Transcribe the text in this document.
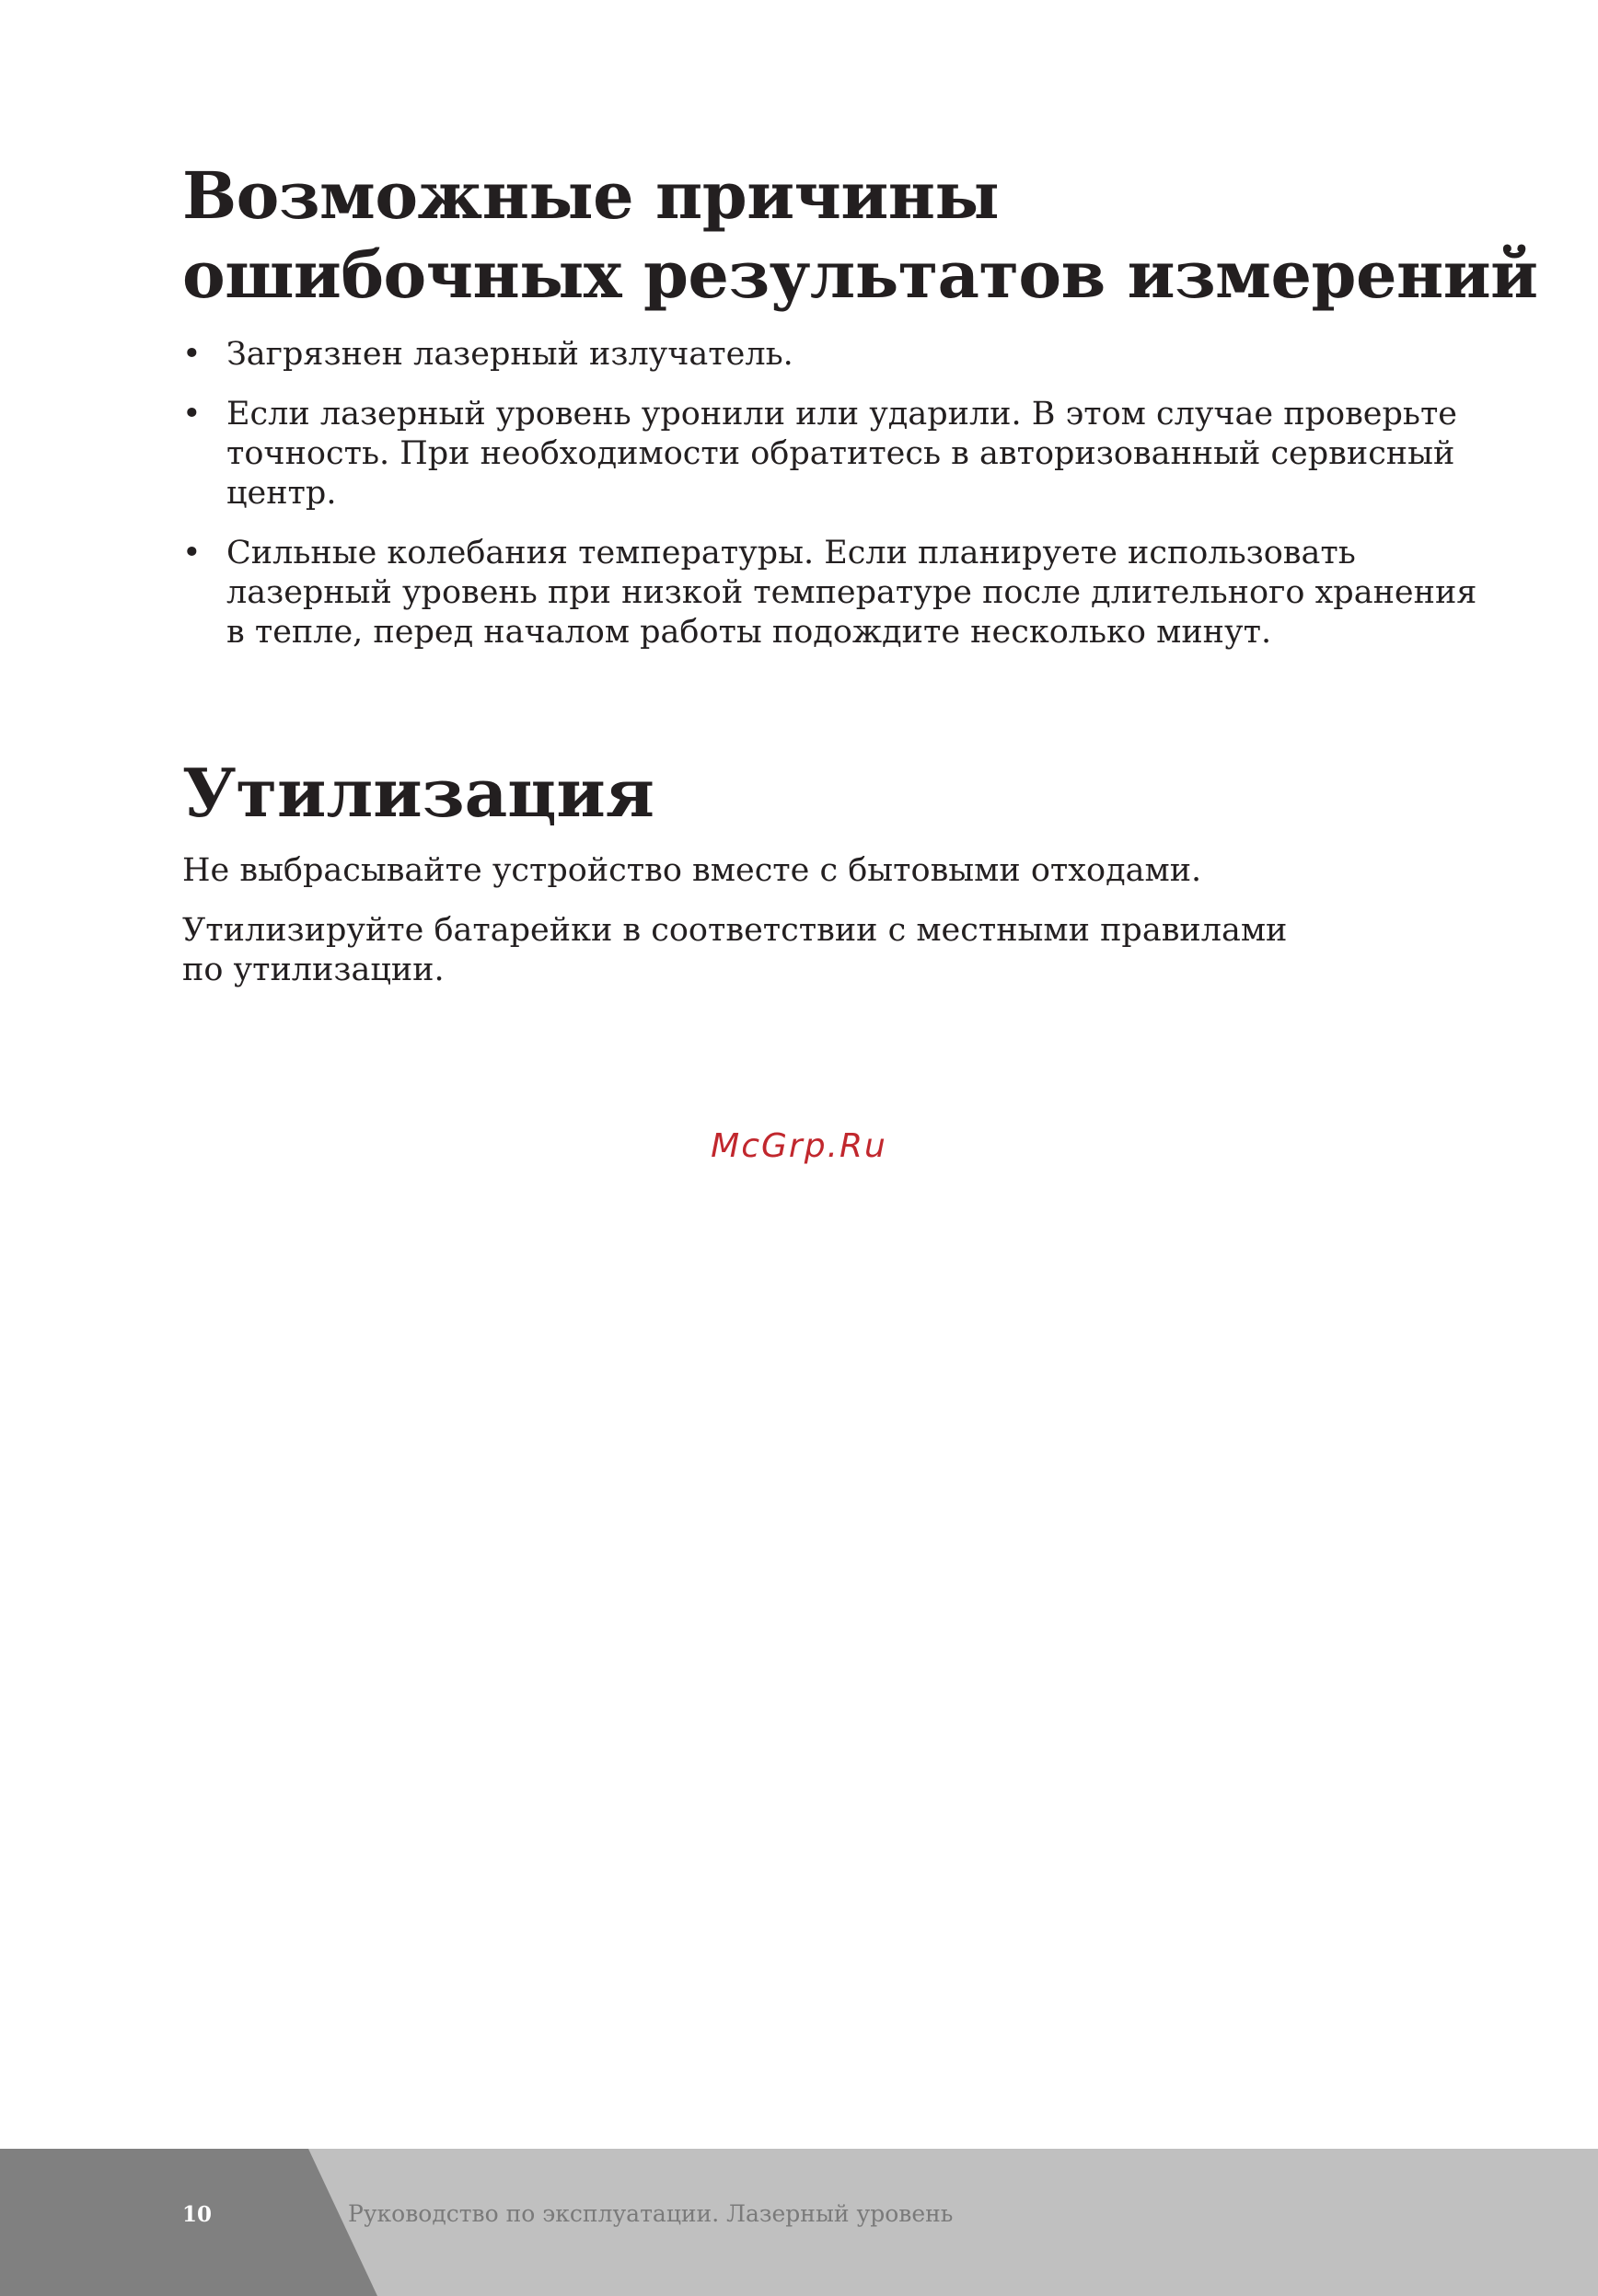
Возможные причины
ошибочных результатов измерений
• Загрязнен лазерный излучатель.
• Если лазерный уровень уронили или ударили. В этом случае проверьте точность. При необходимости обратитесь в авторизованный сервисный центр.
• Сильные колебания температуры. Если планируете использовать лазерный уровень при низкой температуре после длительного хранения в тепле, перед началом работы подождите несколько минут.
Утилизация

Не выбрасывайте устройство вместе с бытовыми отходами.

Утилизируйте батарейки в соответствии с местными правилами по утилизации.

McGrp.Ru
10	Руководство по эксплуатации. Лазерный уровень
